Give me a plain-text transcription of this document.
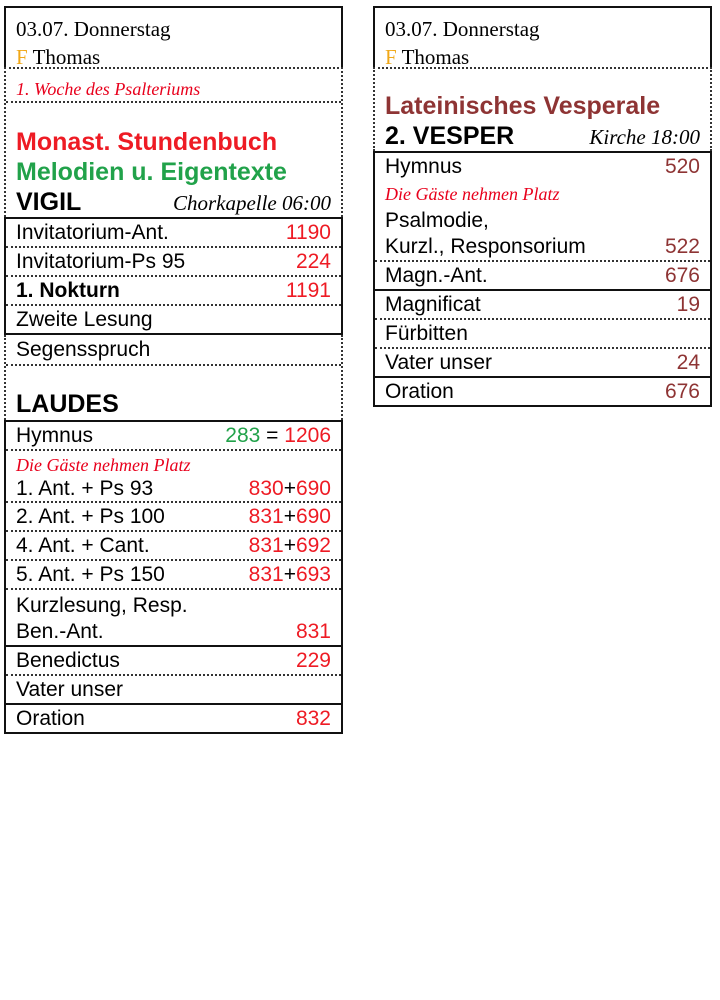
03.07. Donnerstag
F Thomas
1. Woche des Psalteriums
Monast. Stundenbuch
Melodien u. Eigentexte
VIGIL	Chorkapelle 06:00
Invitatorium-Ant.	1190
Invitatorium-Ps 95	224
1. Nokturn	1191
Zweite Lesung
Segensspruch
LAUDES
Hymnus	283 = 1206
Die Gäste nehmen Platz
1. Ant. + Ps 93	830+690
2. Ant. + Ps 100	831+690
4. Ant. + Cant.	831+692
5. Ant. + Ps 150	831+693
Kurzlesung, Resp.
Ben.-Ant.	831
Benedictus	229
Vater unser
Oration	832
03.07. Donnerstag
F Thomas
Lateinisches Vesperale
2. VESPER	Kirche 18:00
Hymnus	520
Die Gäste nehmen Platz
Psalmodie,
Kurzl., Responsorium	522
Magn.-Ant.	676
Magnificat	19
Fürbitten
Vater unser	24
Oration	676
